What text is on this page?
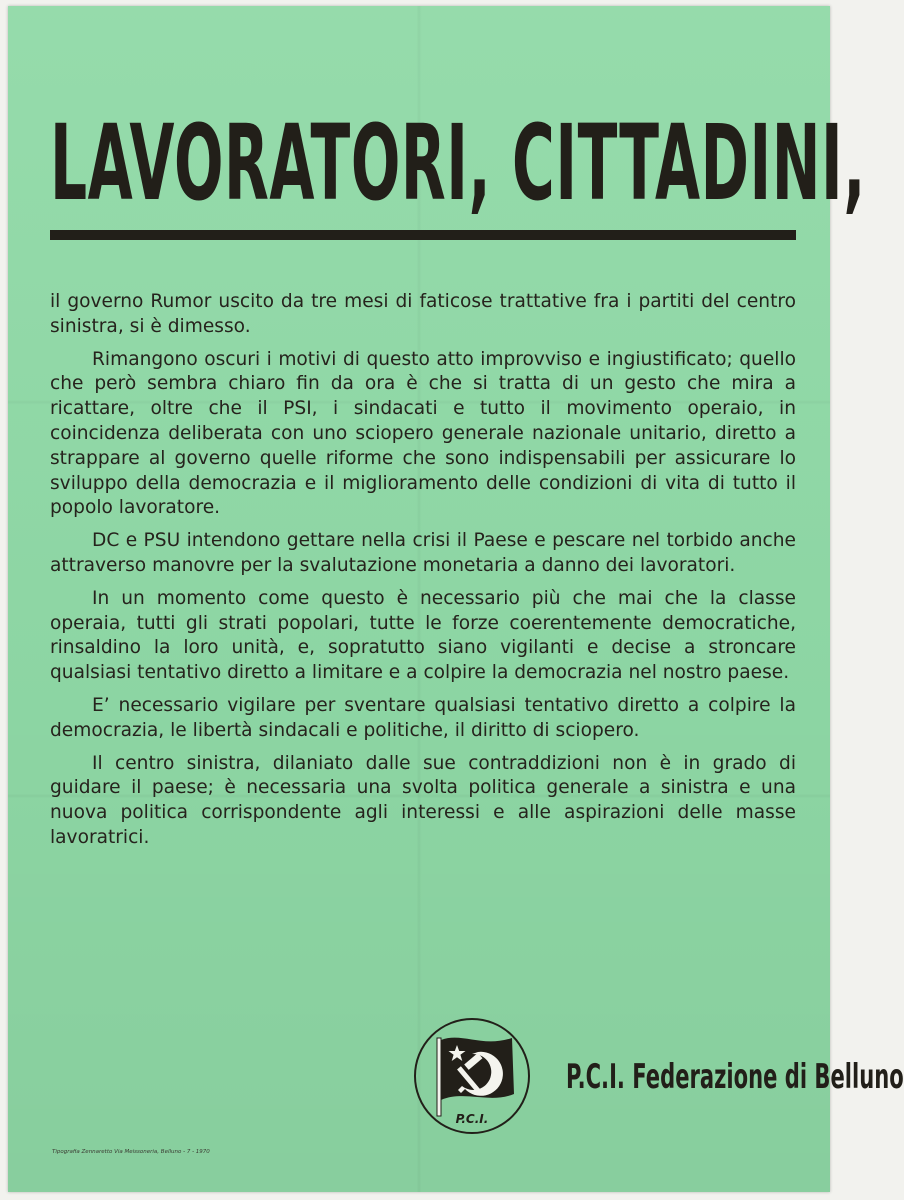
LAVORATORI, CITTADINI,

il governo Rumor uscito da tre mesi di faticose trattative fra i partiti del centro sinistra, si è dimesso.

Rimangono oscuri i motivi di questo atto improvviso e ingiustificato; quello che però sembra chiaro fin da ora è che si tratta di un gesto che mira a ricattare, oltre che il PSI, i sindacati e tutto il movimento operaio, in coincidenza deliberata con uno sciopero generale nazionale unitario, diretto a strappare al governo quelle riforme che sono indispensabili per assicurare lo sviluppo della democrazia e il miglioramento delle condizioni di vita di tutto il popolo lavoratore.

DC e PSU intendono gettare nella crisi il Paese e pescare nel torbido anche attraverso manovre per la svalutazione monetaria a danno dei lavoratori.

In un momento come questo è necessario più che mai che la classe operaia, tutti gli strati popolari, tutte le forze coerentemente democratiche, rinsaldino la loro unità, e, sopratutto siano vigilanti e decise a stroncare qualsiasi tentativo diretto a limitare e a colpire la democrazia nel nostro paese.

E’ necessario vigilare per sventare qualsiasi tentativo diretto a colpire la democrazia, le libertà sindacali e politiche, il diritto di sciopero.

Il centro sinistra, dilaniato dalle sue contraddizioni non è in grado di guidare il paese; è necessaria una svolta politica generale a sinistra e una nuova politica corrispondente agli interessi e alle aspirazioni delle masse lavoratrici.

P.C.I.
P.C.I. Federazione di Belluno
Tipografia Zennaretto Via Meissoneria, Belluno - 7 - 1970
